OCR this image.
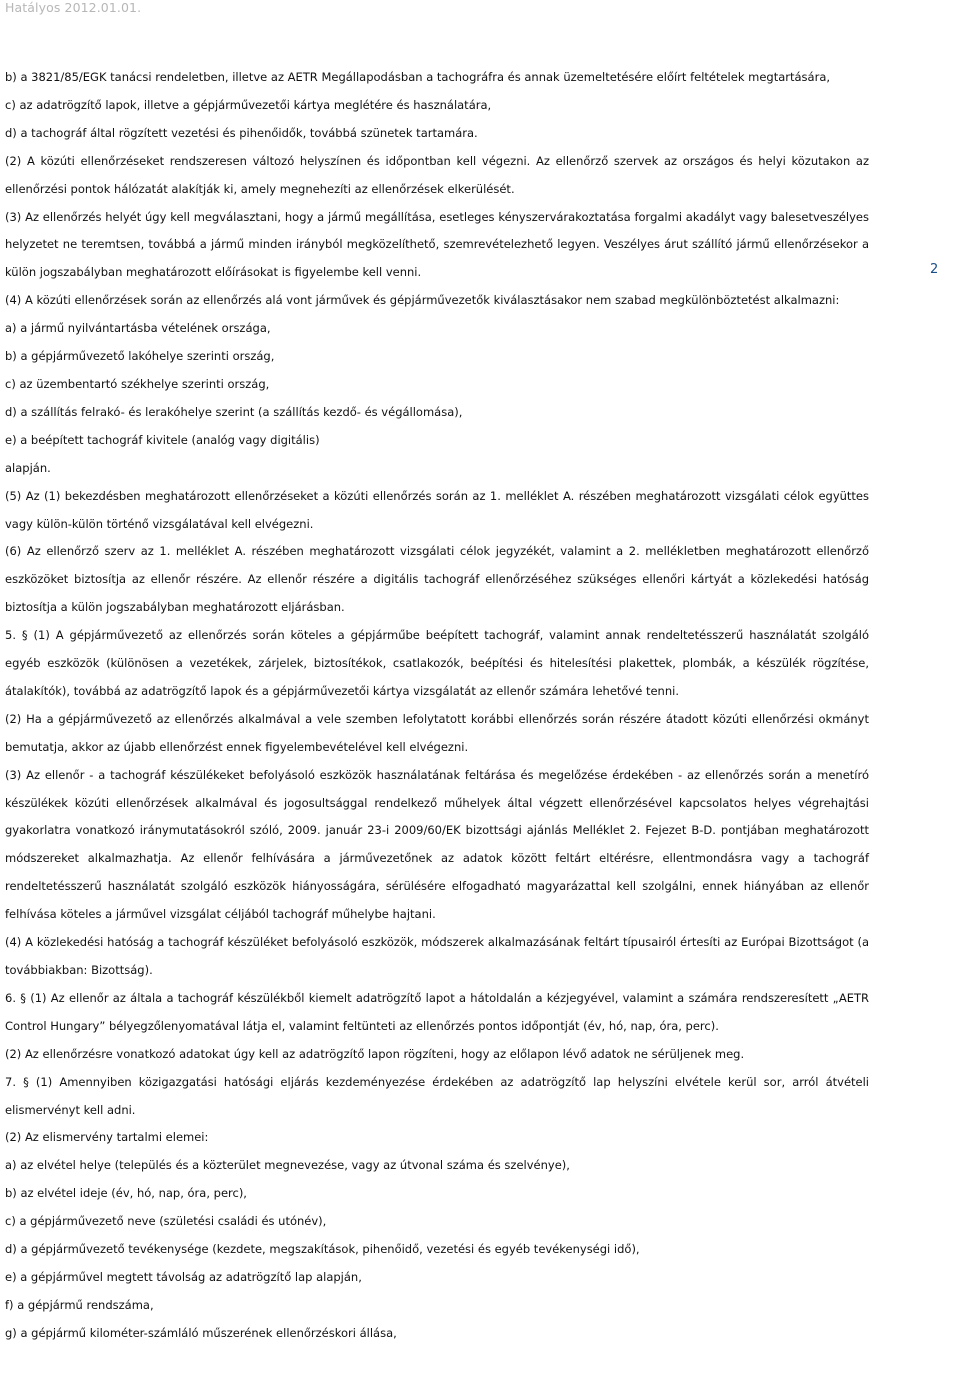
Hatályos 2012.01.01.
2

b) a 3821/85/EGK tanácsi rendeletben, illetve az AETR Megállapodásban a tachográfra és annak üzemeltetésére előírt feltételek megtartására,

c) az adatrögzítő lapok, illetve a gépjárművezetői kártya meglétére és használatára,

d) a tachográf által rögzített vezetési és pihenőidők, továbbá szünetek tartamára.

(2) A közúti ellenőrzéseket rendszeresen változó helyszínen és időpontban kell végezni. Az ellenőrző szervek az országos és helyi közutakon az ellenőrzési pontok hálózatát alakítják ki, amely megnehezíti az ellenőrzések elkerülését.

(3) Az ellenőrzés helyét úgy kell megválasztani, hogy a jármű megállítása, esetleges kényszervárakoztatása forgalmi akadályt vagy balesetveszélyes helyzetet ne teremtsen, továbbá a jármű minden irányból megközelíthető, szemrevételezhető legyen. Veszélyes árut szállító jármű ellenőrzésekor a külön jogszabályban meghatározott előírásokat is figyelembe kell venni.

(4) A közúti ellenőrzések során az ellenőrzés alá vont járművek és gépjárművezetők kiválasztásakor nem szabad megkülönböztetést alkalmazni:

a) a jármű nyilvántartásba vételének országa,

b) a gépjárművezető lakóhelye szerinti ország,

c) az üzembentartó székhelye szerinti ország,

d) a szállítás felrakó- és lerakóhelye szerint (a szállítás kezdő- és végállomása),

e) a beépített tachográf kivitele (analóg vagy digitális)

alapján.

(5) Az (1) bekezdésben meghatározott ellenőrzéseket a közúti ellenőrzés során az 1. melléklet A. részében meghatározott vizsgálati célok együttes vagy külön-külön történő vizsgálatával kell elvégezni.

(6) Az ellenőrző szerv az 1. melléklet A. részében meghatározott vizsgálati célok jegyzékét, valamint a 2. mellékletben meghatározott ellenőrző eszközöket biztosítja az ellenőr részére. Az ellenőr részére a digitális tachográf ellenőrzéséhez szükséges ellenőri kártyát a közlekedési hatóság biztosítja a külön jogszabályban meghatározott eljárásban.

5. § (1) A gépjárművezető az ellenőrzés során köteles a gépjárműbe beépített tachográf, valamint annak rendeltetésszerű használatát szolgáló egyéb eszközök (különösen a vezetékek, zárjelek, biztosítékok, csatlakozók, beépítési és hitelesítési plakettek, plombák, a készülék rögzítése, átalakítók), továbbá az adatrögzítő lapok és a gépjárművezetői kártya vizsgálatát az ellenőr számára lehetővé tenni.

(2) Ha a gépjárművezető az ellenőrzés alkalmával a vele szemben lefolytatott korábbi ellenőrzés során részére átadott közúti ellenőrzési okmányt bemutatja, akkor az újabb ellenőrzést ennek figyelembevételével kell elvégezni.

(3) Az ellenőr - a tachográf készülékeket befolyásoló eszközök használatának feltárása és megelőzése érdekében - az ellenőrzés során a menetíró készülékek közúti ellenőrzések alkalmával és jogosultsággal rendelkező műhelyek által végzett ellenőrzésével kapcsolatos helyes végrehajtási gyakorlatra vonatkozó iránymutatásokról szóló, 2009. január 23-i 2009/60/EK bizottsági ajánlás Melléklet 2. Fejezet B-D. pontjában meghatározott módszereket alkalmazhatja. Az ellenőr felhívására a járművezetőnek az adatok között feltárt eltérésre, ellentmondásra vagy a tachográf rendeltetésszerű használatát szolgáló eszközök hiányosságára, sérülésére elfogadható magyarázattal kell szolgálni, ennek hiányában az ellenőr felhívása köteles a járművel vizsgálat céljából tachográf műhelybe hajtani.

(4) A közlekedési hatóság a tachográf készüléket befolyásoló eszközök, módszerek alkalmazásának feltárt típusairól értesíti az Európai Bizottságot (a továbbiakban: Bizottság).

6. § (1) Az ellenőr az általa a tachográf készülékből kiemelt adatrögzítő lapot a hátoldalán a kézjegyével, valamint a számára rendszeresített „AETR Control Hungary” bélyegzőlenyomatával látja el, valamint feltünteti az ellenőrzés pontos időpontját (év, hó, nap, óra, perc).

(2) Az ellenőrzésre vonatkozó adatokat úgy kell az adatrögzítő lapon rögzíteni, hogy az előlapon lévő adatok ne sérüljenek meg.

7. § (1) Amennyiben közigazgatási hatósági eljárás kezdeményezése érdekében az adatrögzítő lap helyszíni elvétele kerül sor, arról átvételi elismervényt kell adni.

(2) Az elismervény tartalmi elemei:

a) az elvétel helye (település és a közterület megnevezése, vagy az útvonal száma és szelvénye),

b) az elvétel ideje (év, hó, nap, óra, perc),

c) a gépjárművezető neve (születési családi és utónév),

d) a gépjárművezető tevékenysége (kezdete, megszakítások, pihenőidő, vezetési és egyéb tevékenységi idő),

e) a gépjárművel megtett távolság az adatrögzítő lap alapján,

f) a gépjármű rendszáma,

g) a gépjármű kilométer-számláló műszerének ellenőrzéskori állása,
